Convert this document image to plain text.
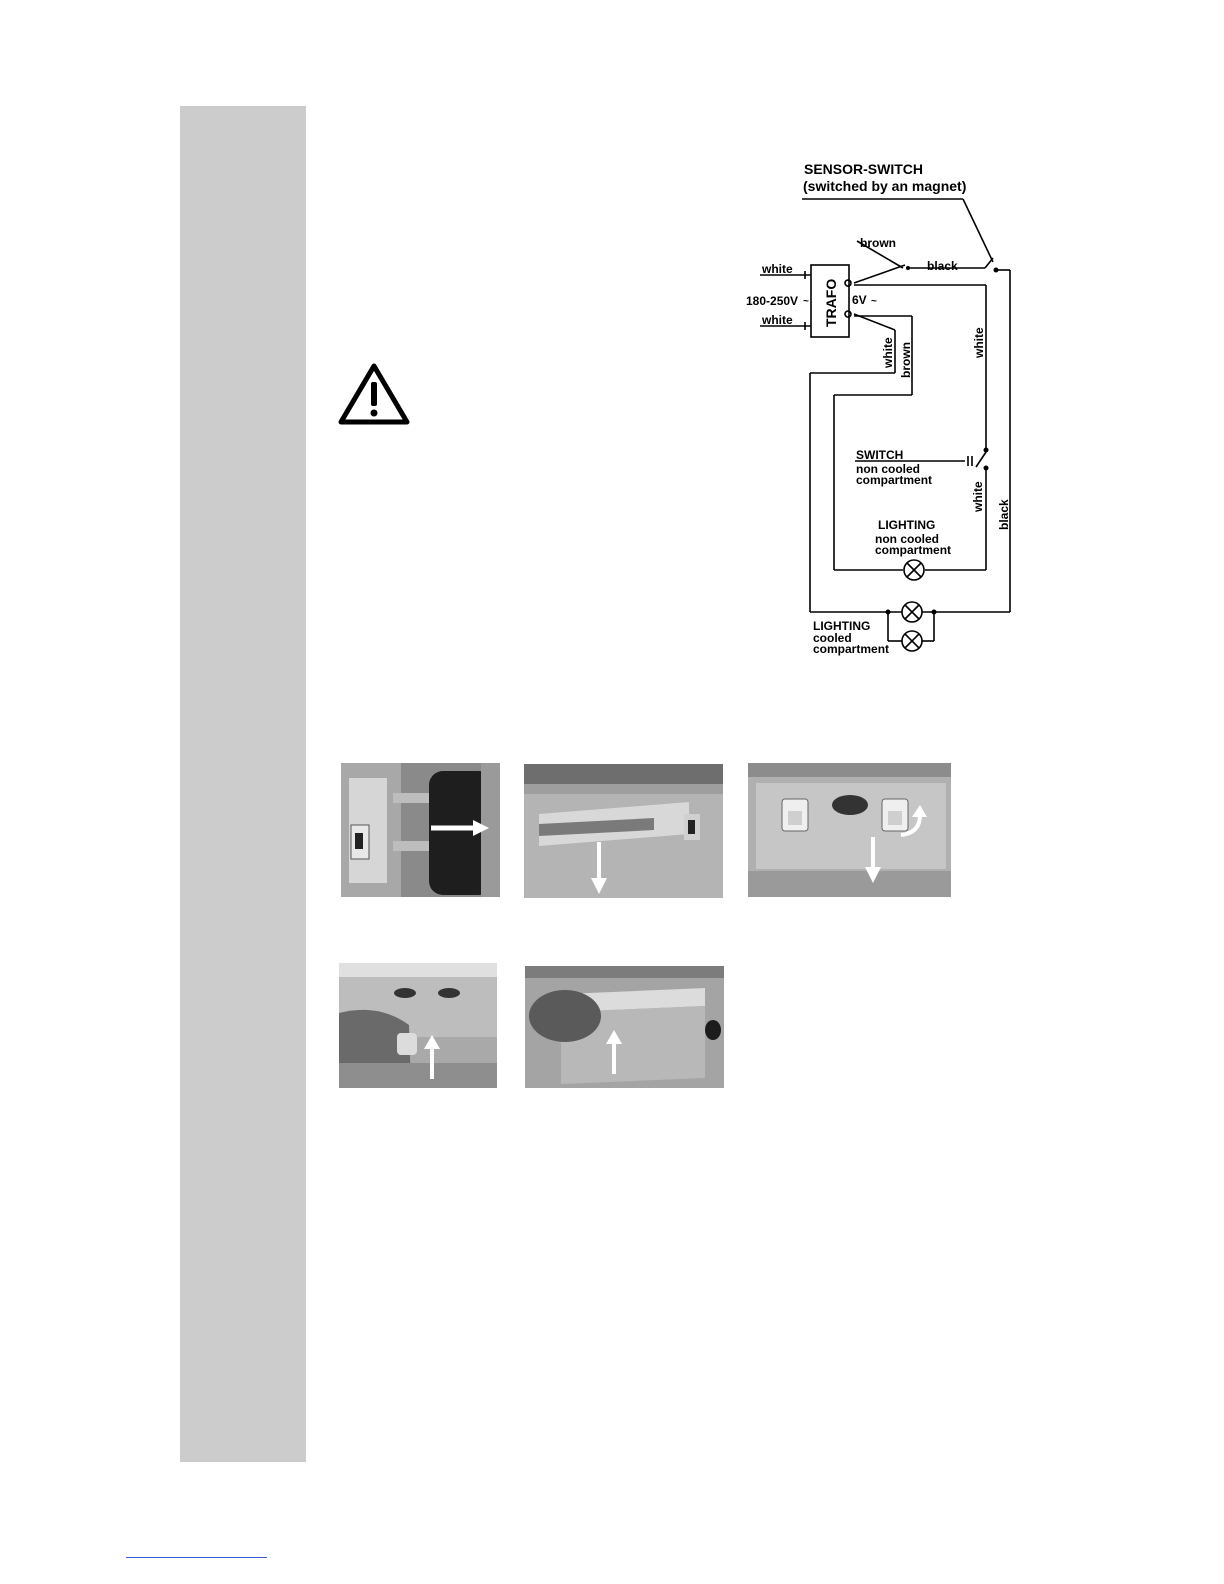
SENSOR-SWITCH
(switched by an magnet)
brown
black
white
180-250V ~
white TRAFO 6V ~
white brown	white
SWITCH
non cooled
compartment
white
black
LIGHTING
non cooled
compartment
LIGHTING
cooled
compartment
